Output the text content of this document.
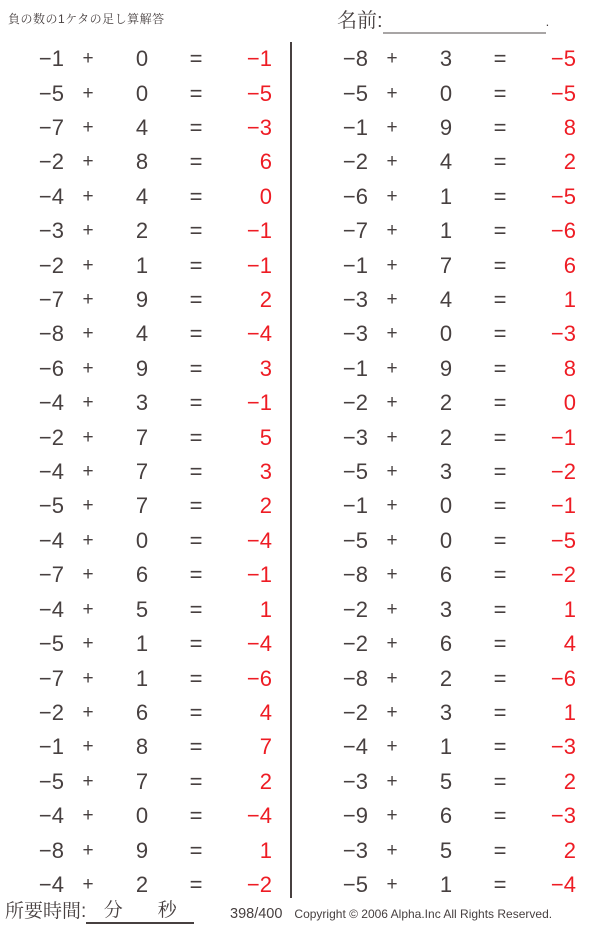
負の数の1ケタの足し算解答	名前:	.
−1 +	0	=	−1
−5 +	0	=	−5
−7 +	4	=	−3
−2 +	8	=	6
−4 +	4	=	0
−3 +	2	=	−1
−2 +	1	=	−1
−7 +	9	=	2
−8 +	4	=	−4
−6 +	9	=	3
−4 +	3	=	−1
−2 +	7	=	5
−4 +	7	=	3
−5 +	7	=	2
−4 +	0	=	−4
−7 +	6	=	−1
−4 +	5	=	1
−5 +	1	=	−4
−7 +	1	=	−6
−2 +	6	=	4
−1 +	8	=	7
−5 +	7	=	2
−4 +	0	=	−4
−8 +	9	=	1
−4 +	2	=	−2
−8 +	3	=	−5
−5 +	0	=	−5
−1 +	9	=	8
−2 +	4	=	2
−6 +	1	=	−5
−7 +	1	=	−6
−1 +	7	=	6
−3 +	4	=	1
−3 +	0	=	−3
−1 +	9	=	8
−2 +	2	=	0
−3 +	2	=	−1
−5 +	3	=	−2
−1 +	0	=	−1
−5 +	0	=	−5
−8 +	6	=	−2
−2 +	3	=	1
−2 +	6	=	4
−8 +	2	=	−6
−2 +	3	=	1
−4 +	1	=	−3
−3 +	5	=	2
−9 +	6	=	−3
−3 +	5	=	2
−5 +	1	=	−4
所要時間: 分 秒	398/400 Copyright © 2006 Alpha.Inc All Rights Reserved.
